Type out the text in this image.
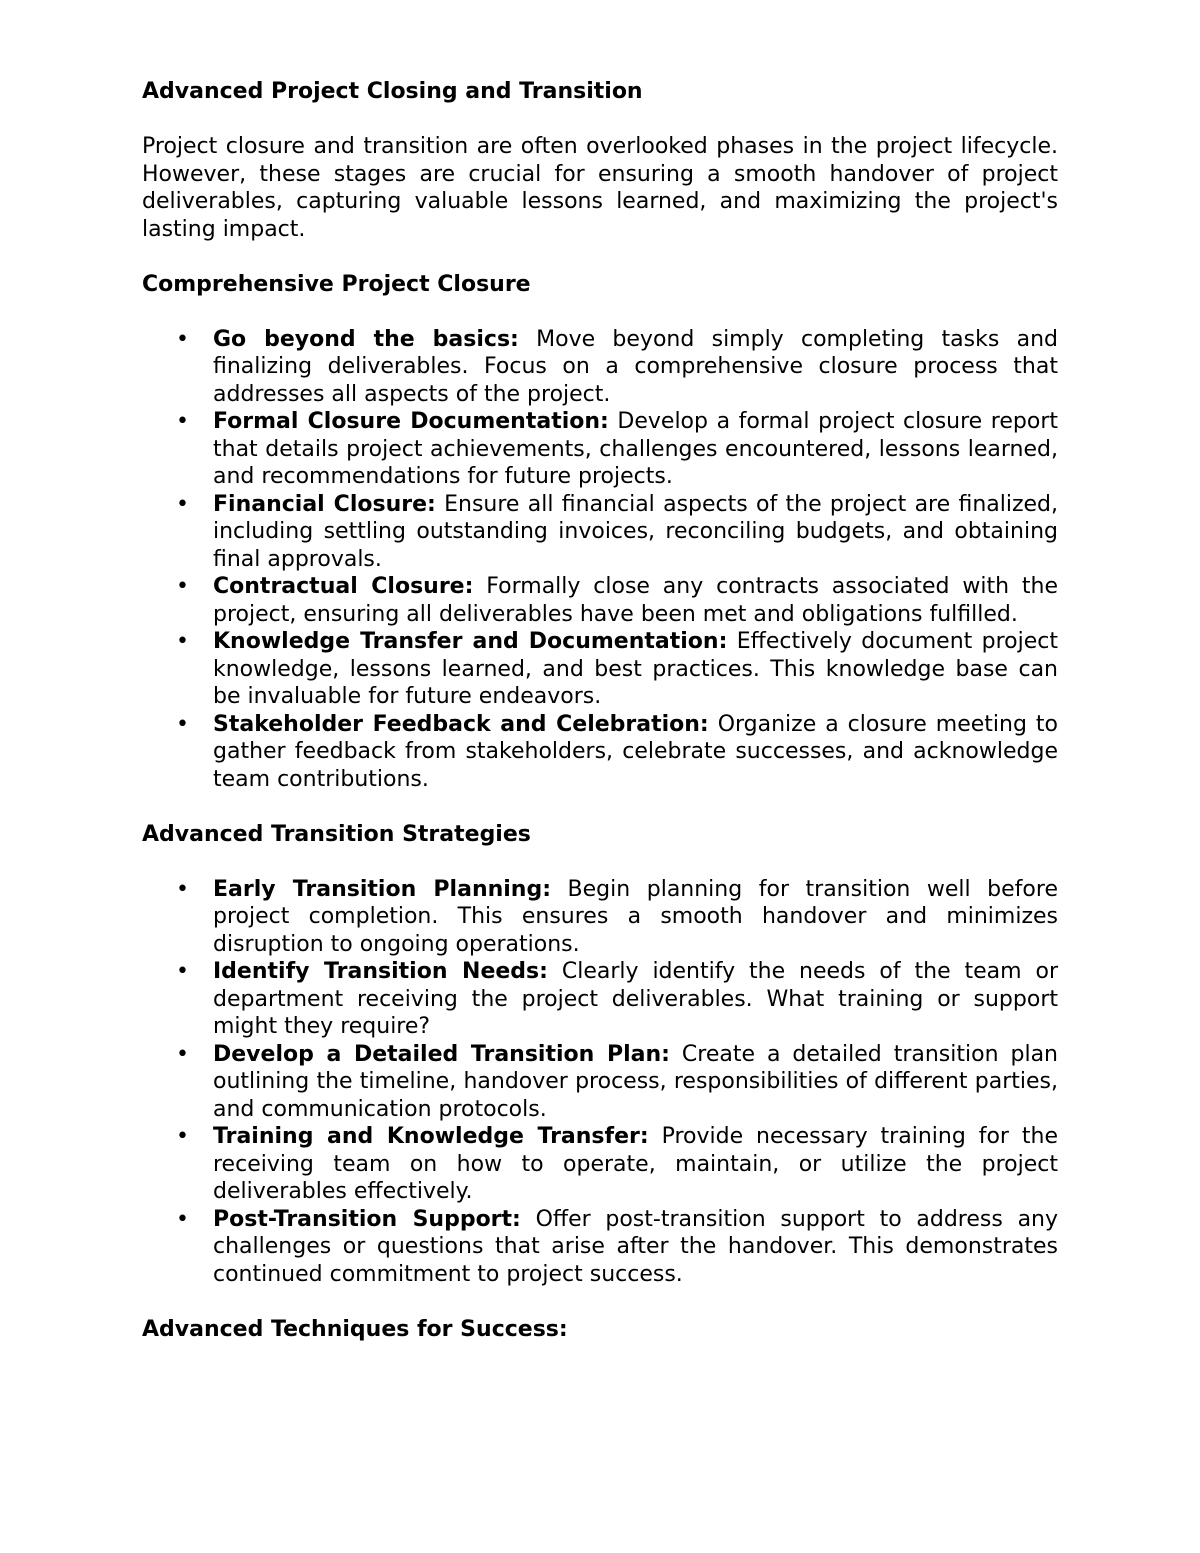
Advanced Project Closing and Transition

Project closure and transition are often overlooked phases in the project lifecycle. However, these stages are crucial for ensuring a smooth handover of project deliverables, capturing valuable lessons learned, and maximizing the project's lasting impact.

Comprehensive Project Closure
• Go beyond the basics: Move beyond simply completing tasks and finalizing deliverables. Focus on a comprehensive closure process that addresses all aspects of the project.
• Formal Closure Documentation: Develop a formal project closure report that details project achievements, challenges encountered, lessons learned, and recommendations for future projects.
• Financial Closure: Ensure all financial aspects of the project are finalized, including settling outstanding invoices, reconciling budgets, and obtaining final approvals.
• Contractual Closure: Formally close any contracts associated with the project, ensuring all deliverables have been met and obligations fulfilled.
• Knowledge Transfer and Documentation: Effectively document project knowledge, lessons learned, and best practices. This knowledge base can be invaluable for future endeavors.
• Stakeholder Feedback and Celebration: Organize a closure meeting to gather feedback from stakeholders, celebrate successes, and acknowledge team contributions.
Advanced Transition Strategies
• Early Transition Planning: Begin planning for transition well before project completion. This ensures a smooth handover and minimizes disruption to ongoing operations.
• Identify Transition Needs: Clearly identify the needs of the team or department receiving the project deliverables. What training or support might they require?
• Develop a Detailed Transition Plan: Create a detailed transition plan outlining the timeline, handover process, responsibilities of different parties, and communication protocols.
• Training and Knowledge Transfer: Provide necessary training for the receiving team on how to operate, maintain, or utilize the project deliverables effectively.
• Post-Transition Support: Offer post-transition support to address any challenges or questions that arise after the handover. This demonstrates continued commitment to project success.
Advanced Techniques for Success:
